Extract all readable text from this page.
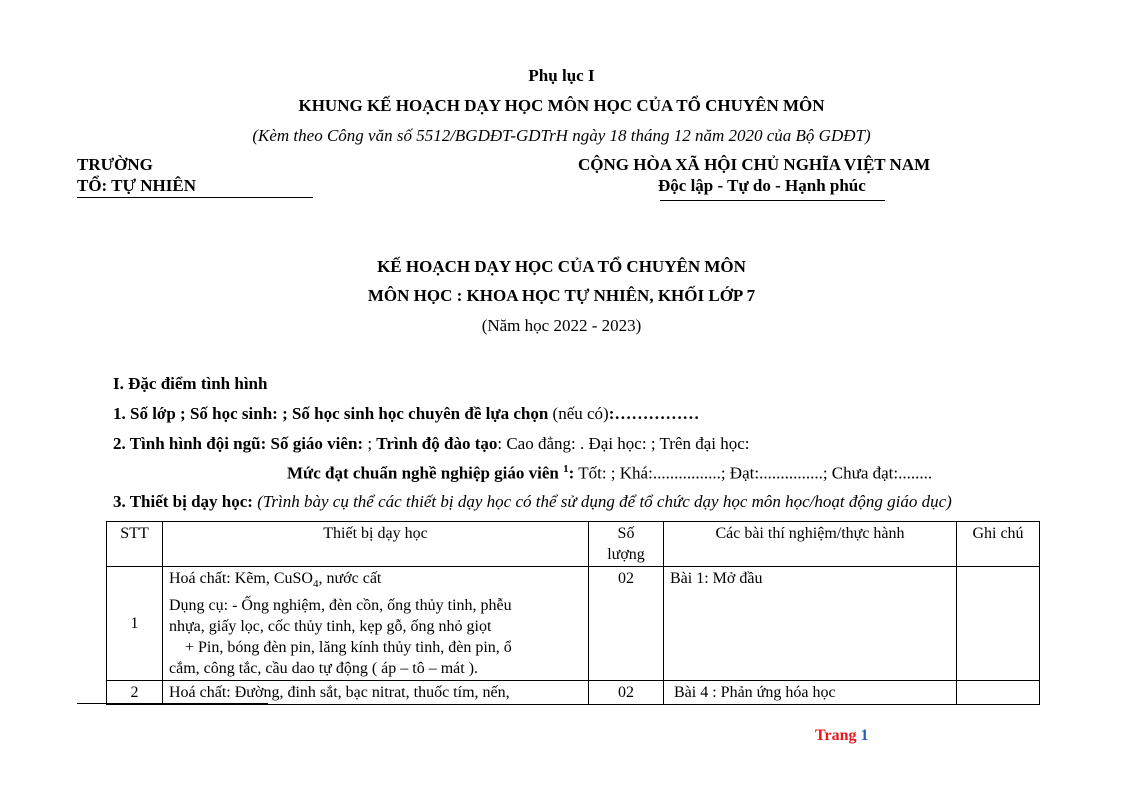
Phụ lục I
KHUNG KẾ HOẠCH DẠY HỌC MÔN HỌC CỦA TỔ CHUYÊN MÔN
(Kèm theo Công văn số 5512/BGDĐT-GDTrH ngày 18 tháng 12 năm 2020 của Bộ GDĐT)
TRƯỜNG
TỔ: TỰ NHIÊN
CỘNG HÒA XÃ HỘI CHỦ NGHĨA VIỆT NAM
Độc lập - Tự do - Hạnh phúc
KẾ HOẠCH DẠY HỌC CỦA TỔ CHUYÊN MÔN
MÔN HỌC : KHOA HỌC TỰ NHIÊN, KHỐI LỚP 7
(Năm học 2022 - 2023)
I. Đặc điểm tình hình
1. Số lớp ; Số học sinh: ; Số học sinh học chuyên đề lựa chọn (nếu có):……………
2. Tình hình đội ngũ: Số giáo viên: ; Trình độ đào tạo: Cao đẳng: . Đại học: ; Trên đại học:
Mức đạt chuẩn nghề nghiệp giáo viên $^1$: Tốt: ; Khá:................; Đạt:...............; Chưa đạt:........
3. Thiết bị dạy học: (Trình bày cụ thể các thiết bị dạy học có thể sử dụng để tổ chức dạy học môn học/hoạt động giáo dục)
STT	Thiết bị dạy học	Số
lượng	Các bài thí nghiệm/thực hành	Ghi chú
1	Hoá chất: Kẽm, CuSO$_4$, nước cất
Dụng cụ: - Ống nghiệm, đèn cồn, ống thủy tinh, phễu
nhựa, giấy lọc, cốc thủy tinh, kẹp gỗ, ống nhỏ giọt
+ Pin, bóng đèn pin, lăng kính thủy tinh, đèn pin, ổ
cắm, công tắc, cầu dao tự động ( áp – tô – mát ).	02	Bài 1: Mở đầu	
2	Hoá chất: Đường, đinh sắt, bạc nitrat, thuốc tím, nến,	02	Bài 4 : Phản ứng hóa học	
Trang 1
